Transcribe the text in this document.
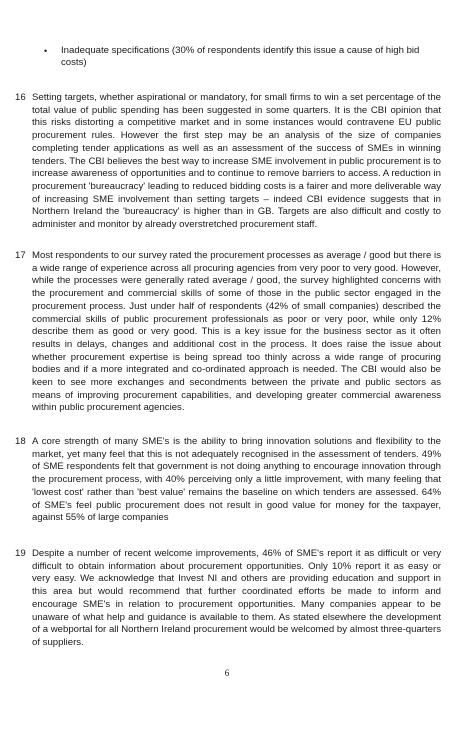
•	Inadequate specifications (30% of respondents identify this issue a cause of high bid costs)
16 Setting targets, whether aspirational or mandatory, for small firms to win a set percentage of the total value of public spending has been suggested in some quarters. It is the CBI opinion that this risks distorting a competitive market and in some instances would contravene EU public procurement rules. However the first step may be an analysis of the size of companies completing tender applications as well as an assessment of the success of SMEs in winning tenders. The CBI believes the best way to increase SME involvement in public procurement is to increase awareness of opportunities and to continue to remove barriers to access. A reduction in procurement 'bureaucracy' leading to reduced bidding costs is a fairer and more deliverable way of increasing SME involvement than setting targets – indeed CBI evidence suggests that in Northern Ireland the 'bureaucracy' is higher than in GB. Targets are also difficult and costly to administer and monitor by already overstretched procurement staff.
17 Most respondents to our survey rated the procurement processes as average / good but there is a wide range of experience across all procuring agencies from very poor to very good. However, while the processes were generally rated average / good, the survey highlighted concerns with the procurement and commercial skills of some of those in the public sector engaged in the procurement process. Just under half of respondents (42% of small companies) described the commercial skills of public procurement professionals as poor or very poor, while only 12% describe them as good or very good. This is a key issue for the business sector as it often results in delays, changes and additional cost in the process. It does raise the issue about whether procurement expertise is being spread too thinly across a wide range of procuring bodies and if a more integrated and co-ordinated approach is needed. The CBI would also be keen to see more exchanges and secondments between the private and public sectors as means of improving procurement capabilities, and developing greater commercial awareness within public procurement agencies.
18 A core strength of many SME's is the ability to bring innovation solutions and flexibility to the market, yet many feel that this is not adequately recognised in the assessment of tenders. 49% of SME respondents felt that government is not doing anything to encourage innovation through the procurement process, with 40% perceiving only a little improvement, with many feeling that 'lowest cost' rather than 'best value' remains the baseline on which tenders are assessed. 64% of SME's feel public procurement does not result in good value for money for the taxpayer, against 55% of large companies
19 Despite a number of recent welcome improvements, 46% of SME's report it as difficult or very difficult to obtain information about procurement opportunities. Only 10% report it as easy or very easy. We acknowledge that Invest NI and others are providing education and support in this area but would recommend that further coordinated efforts be made to inform and encourage SME's in relation to procurement opportunities. Many companies appear to be unaware of what help and guidance is available to them. As stated elsewhere the development of a webportal for all Northern Ireland procurement would be welcomed by almost three-quarters of suppliers.
6
